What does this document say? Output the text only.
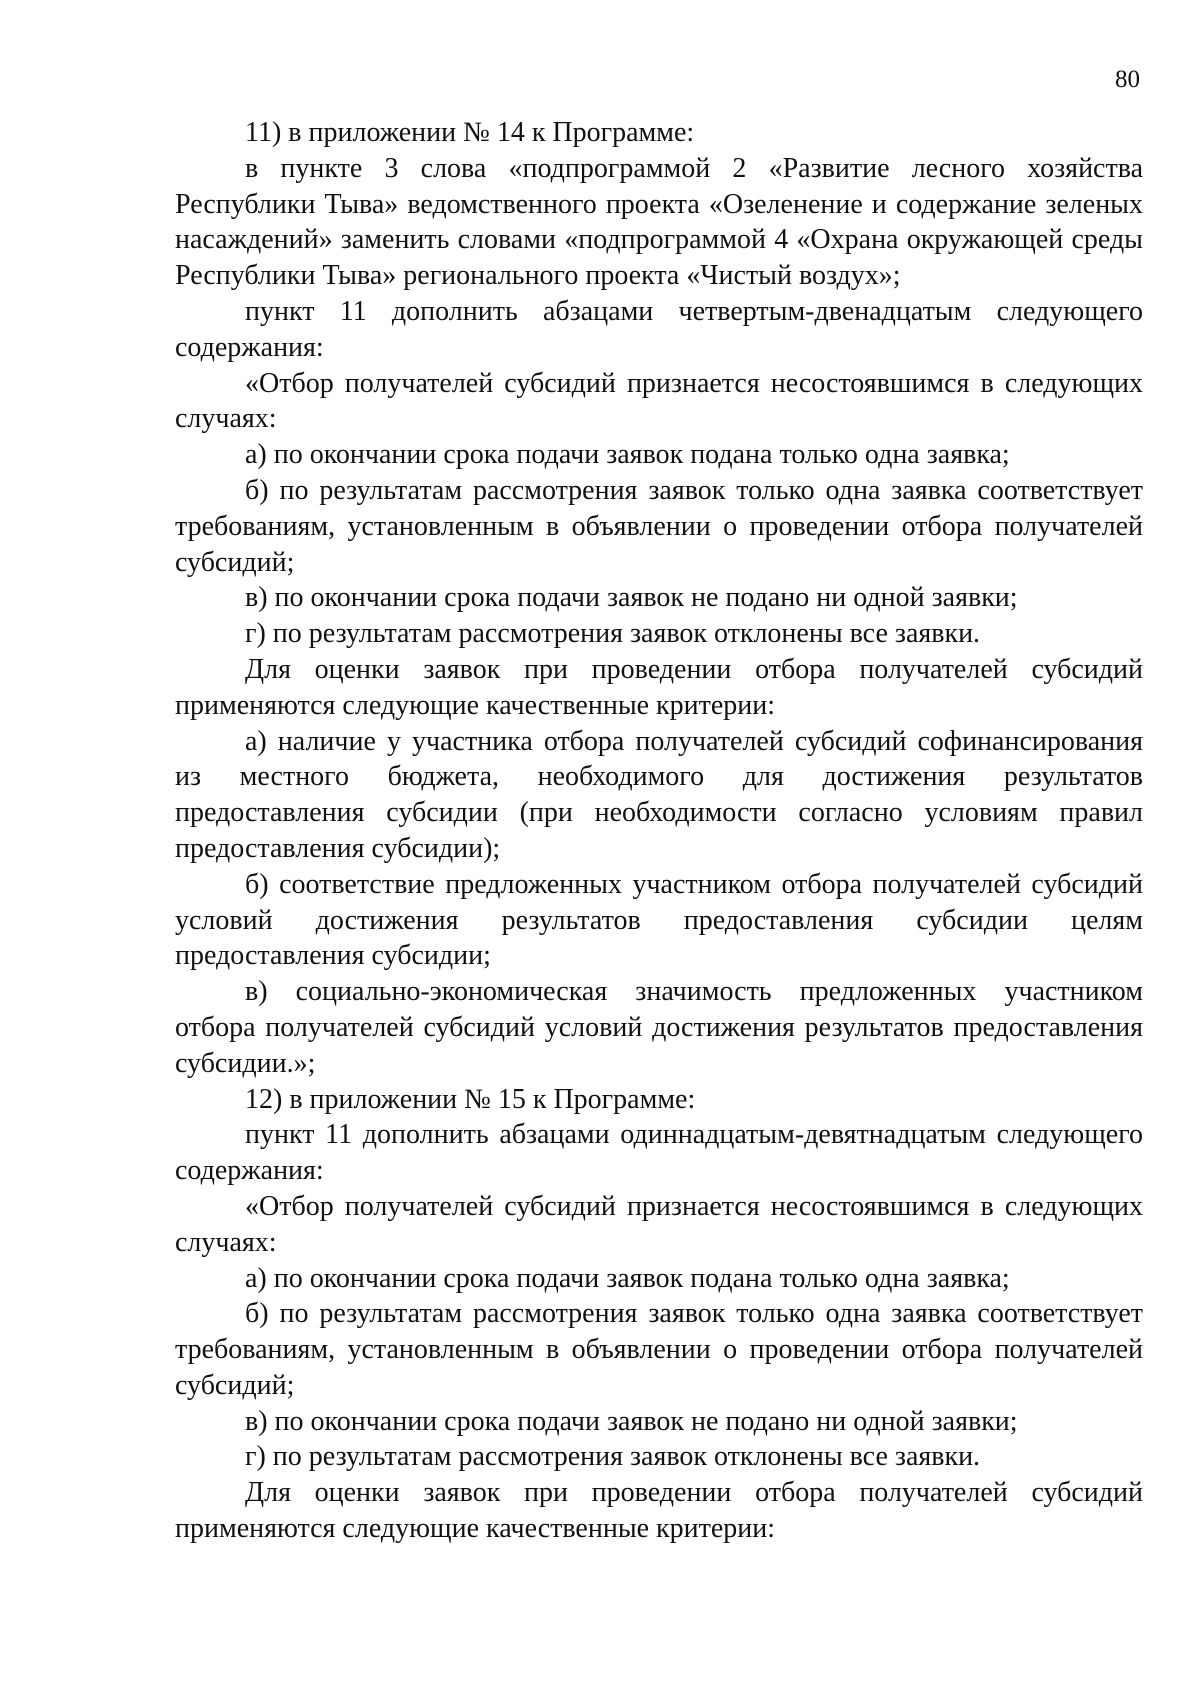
80

11) в приложении № 14 к Программе:

в пункте 3 слова «подпрограммой 2 «Развитие лесного хозяйства Республики Тыва» ведомственного проекта «Озеленение и содержание зеленых насаждений» заменить словами «подпрограммой 4 «Охрана окружающей среды Республики Тыва» регионального проекта «Чистый воздух»;

пункт 11 дополнить абзацами четвертым-двенадцатым следующего содержания:

«Отбор получателей субсидий признается несостоявшимся в следующих случаях:

а) по окончании срока подачи заявок подана только одна заявка;

б) по результатам рассмотрения заявок только одна заявка соответствует требованиям, установленным в объявлении о проведении отбора получателей субсидий;

в) по окончании срока подачи заявок не подано ни одной заявки;

г) по результатам рассмотрения заявок отклонены все заявки.

Для оценки заявок при проведении отбора получателей субсидий применяются следующие качественные критерии:

а) наличие у участника отбора получателей субсидий софинансирования из местного бюджета, необходимого для достижения результатов предоставления субсидии (при необходимости согласно условиям правил предоставления субсидии);

б) соответствие предложенных участником отбора получателей субсидий условий достижения результатов предоставления субсидии целям предоставления субсидии;

в) социально-экономическая значимость предложенных участником отбора получателей субсидий условий достижения результатов предоставления субсидии.»;

12) в приложении № 15 к Программе:

пункт 11 дополнить абзацами одиннадцатым-девятнадцатым следующего содержания:

«Отбор получателей субсидий признается несостоявшимся в следующих случаях:

а) по окончании срока подачи заявок подана только одна заявка;

б) по результатам рассмотрения заявок только одна заявка соответствует требованиям, установленным в объявлении о проведении отбора получателей субсидий;

в) по окончании срока подачи заявок не подано ни одной заявки;

г) по результатам рассмотрения заявок отклонены все заявки.

Для оценки заявок при проведении отбора получателей субсидий применяются следующие качественные критерии:
